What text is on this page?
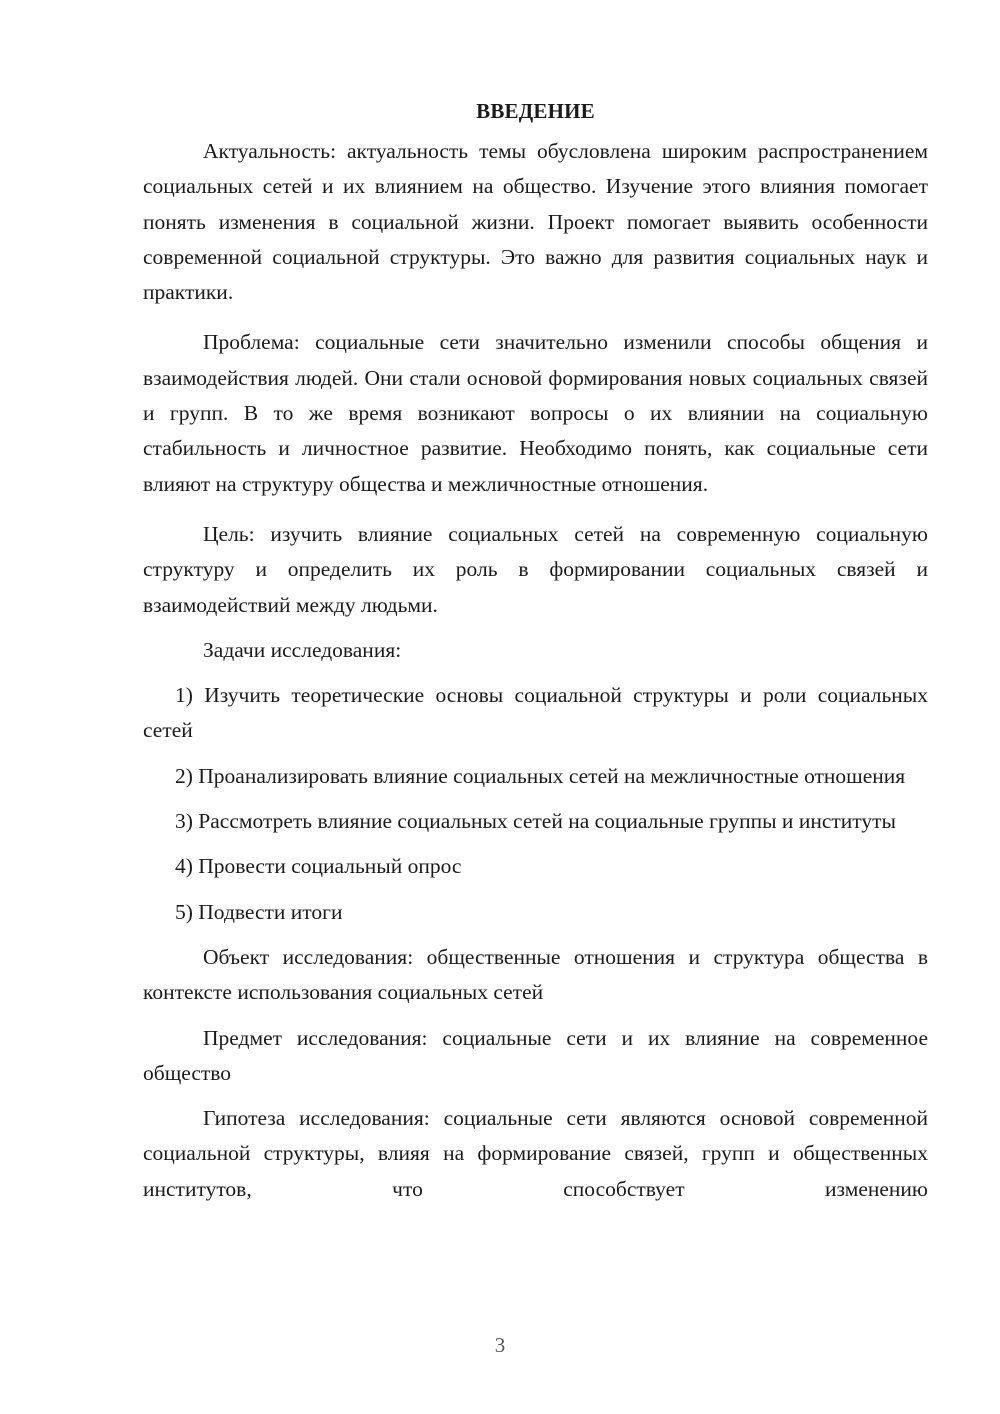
ВВЕДЕНИЕ

Актуальность: актуальность темы обусловлена широким распространением социальных сетей и их влиянием на общество. Изучение этого влияния помогает понять изменения в социальной жизни. Проект помогает выявить особенности современной социальной структуры. Это важно для развития социальных наук и практики.

Проблема: социальные сети значительно изменили способы общения и взаимодействия людей. Они стали основой формирования новых социальных связей и групп. В то же время возникают вопросы о их влиянии на социальную стабильность и личностное развитие. Необходимо понять, как социальные сети влияют на структуру общества и межличностные отношения.

Цель: изучить влияние социальных сетей на современную социальную структуру и определить их роль в формировании социальных связей и взаимодействий между людьми.

Задачи исследования:

1) Изучить теоретические основы социальной структуры и роли социальных сетей

2) Проанализировать влияние социальных сетей на межличностные отношения

3) Рассмотреть влияние социальных сетей на социальные группы и институты

4) Провести социальный опрос

5) Подвести итоги

Объект исследования: общественные отношения и структура общества в контексте использования социальных сетей

Предмет исследования: социальные сети и их влияние на современное общество

Гипотеза исследования: социальные сети являются основой современной социальной структуры, влияя на формирование связей, групп и общественных институтов, что способствует изменению

3
